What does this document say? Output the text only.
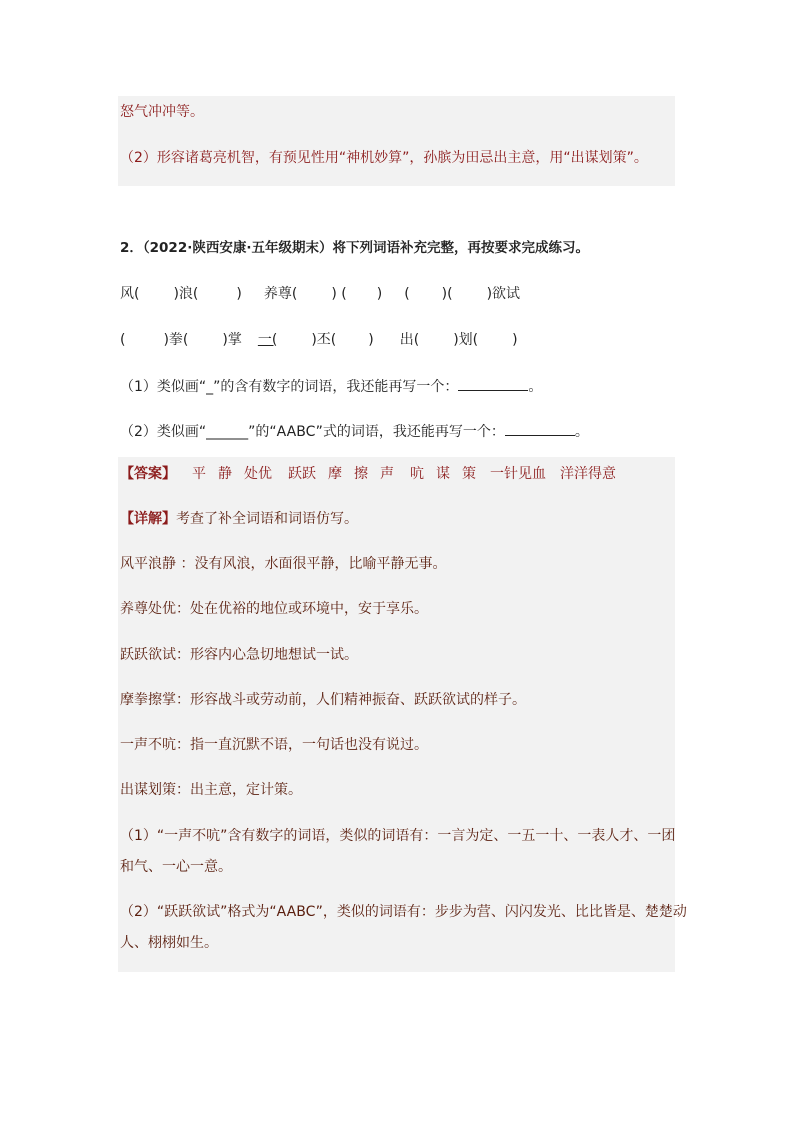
怒气冲冲等。
（2）形容诸葛亮机智，有预见性用“神机妙算”，孙膑为田忌出主意，用“出谋划策”。
2．（2022·陕西安康·五年级期末）将下列词语补充完整，再按要求完成练习。
风( )浪(	) 养尊( ) ( ) ( )( )欲试
(	)拳( )掌 一( )丕( ) 出( )划( )
（1）类似画“_”的含有数字的词语，我还能再写一个：	。
（2）类似画“______”的“AABC”式的词语，我还能再写一个：	。
【答案】 平 静 处优 跃跃 摩 擦 声 吭 谋 策 一针见血 洋洋得意
【详解】考查了补全词语和词语仿写。
风平浪静 ：没有风浪，水面很平静，比喻平静无事。
养尊处优：处在优裕的地位或环境中，安于享乐。
跃跃欲试：形容内心急切地想试一试。
摩拳擦掌：形容战斗或劳动前，人们精神振奋、跃跃欲试的样子。
一声不吭：指一直沉默不语，一句话也没有说过。
出谋划策：出主意，定计策。
（1）“一声不吭”含有数字的词语，类似的词语有：一言为定、一五一十、一表人才、一团
和气、一心一意。
（2）“跃跃欲试”格式为“AABC”，类似的词语有：步步为营、闪闪发光、比比皆是、楚楚动
人、栩栩如生。
